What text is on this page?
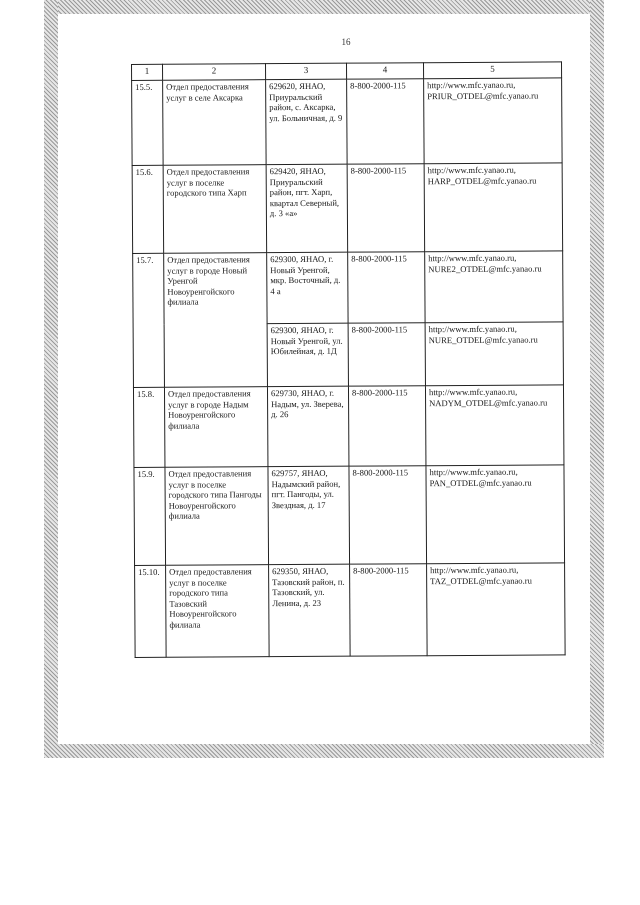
16
1	2	3	4	5
15.5.	Отдел предоставления услуг в селе Аксарка	629620, ЯНАО, Приуральский район, с. Аксарка, ул. Больничная, д. 9	8-800-2000-115	http://www.mfc.yanao.ru, PRIUR_OTDEL@mfc.yanao.ru
15.6.	Отдел предоставления услуг в поселке городского типа Харп	629420, ЯНАО, Приуральский район, пгт. Харп, квартал Северный, д. 3 «а»	8-800-2000-115	http://www.mfc.yanao.ru, HARP_OTDEL@mfc.yanao.ru
15.7.	Отдел предоставления услуг в городе Новый Уренгой Новоуренгойского филиала	629300, ЯНАО, г. Новый Уренгой, мкр. Восточный, д. 4 а	8-800-2000-115	http://www.mfc.yanao.ru, NURE2_OTDEL@mfc.yanao.ru
		629300, ЯНАО, г. Новый Уренгой, ул. Юбилейная, д. 1Д	8-800-2000-115	http://www.mfc.yanao.ru, NURE_OTDEL@mfc.yanao.ru
15.8.	Отдел предоставления услуг в городе Надым Новоуренгойского филиала	629730, ЯНАО, г. Надым, ул. Зверева, д. 26	8-800-2000-115	http://www.mfc.yanao.ru, NADYM_OTDEL@mfc.yanao.ru
15.9.	Отдел предоставления услуг в поселке городского типа Пангоды Новоуренгойского филиала	629757, ЯНАО, Надымский район, пгт. Пангоды, ул. Звездная, д. 17	8-800-2000-115	http://www.mfc.yanao.ru, PAN_OTDEL@mfc.yanao.ru
15.10.	Отдел предоставления услуг в поселке городского типа Тазовский Новоуренгойского филиала	629350, ЯНАО, Тазовский район, п. Тазовский, ул. Ленина, д. 23	8-800-2000-115	http://www.mfc.yanao.ru, TAZ_OTDEL@mfc.yanao.ru
